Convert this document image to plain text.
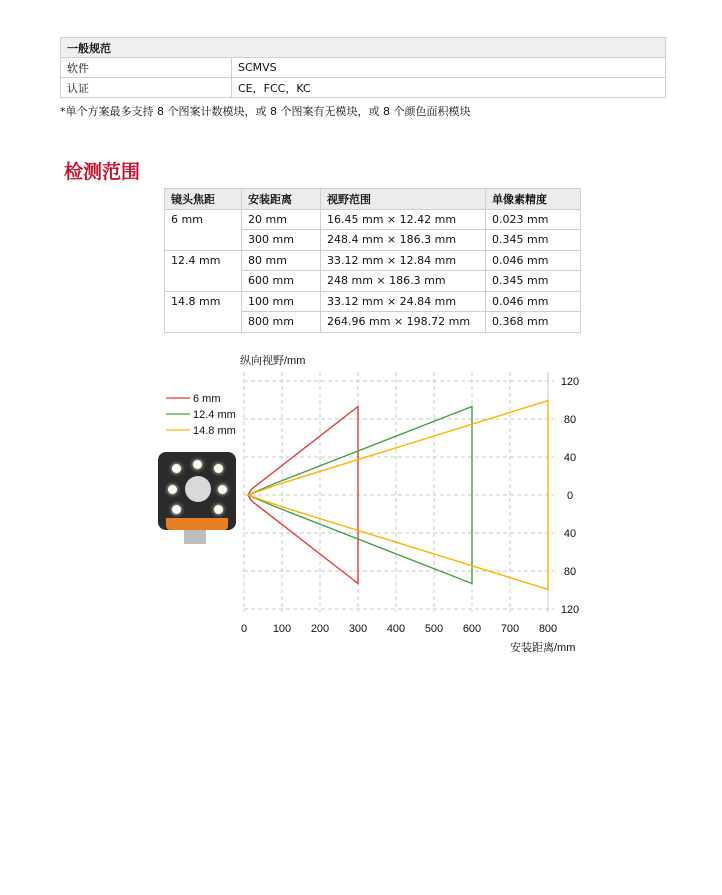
一般规范	
软件	SCMVS
认证	CE，FCC，KC
*单个方案最多支持 8 个图案计数模块，或 8 个图案有无模块，或 8 个颜色面积模块
检测范围
镜头焦距	安装距离	视野范围	单像素精度
6 mm	20 mm	16.45 mm × 12.42 mm	0.023 mm
	300 mm	248.4 mm × 186.3 mm	0.345 mm
12.4 mm	80 mm	33.12 mm × 12.84 mm	0.046 mm
	600 mm	248 mm × 186.3 mm	0.345 mm
14.8 mm	100 mm	33.12 mm × 24.84 mm	0.046 mm
	800 mm	264.96 mm × 198.72 mm	0.368 mm
6 mm
12.4 mm
14.8 mm
0 100 200 300 400 500 600 700 800
120
80
40
0
40
80
120
纵向视野/mm
安装距离/mm
